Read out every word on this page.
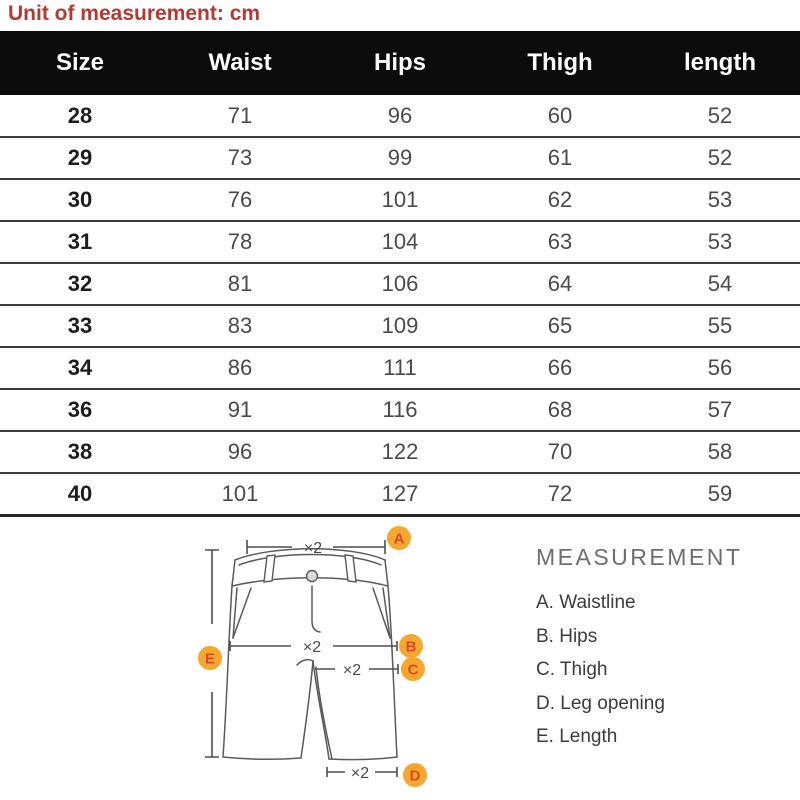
Unit of measurement: cm
Size	Waist	Hips	Thigh	length
28	71	96	60	52
29	73	99	61	52
30	76	101	62	53
31	78	104	63	53
32	81	106	64	54
33	83	109	65	55
34	86	111	66	56
36	91	116	68	57
38	96	122	70	58
40	101	127	72	59
×2
A
×2	B
×2	C
×2	D
E
MEASUREMENT
A. Waistline
B. Hips
C. Thigh
D. Leg opening
E. Length
